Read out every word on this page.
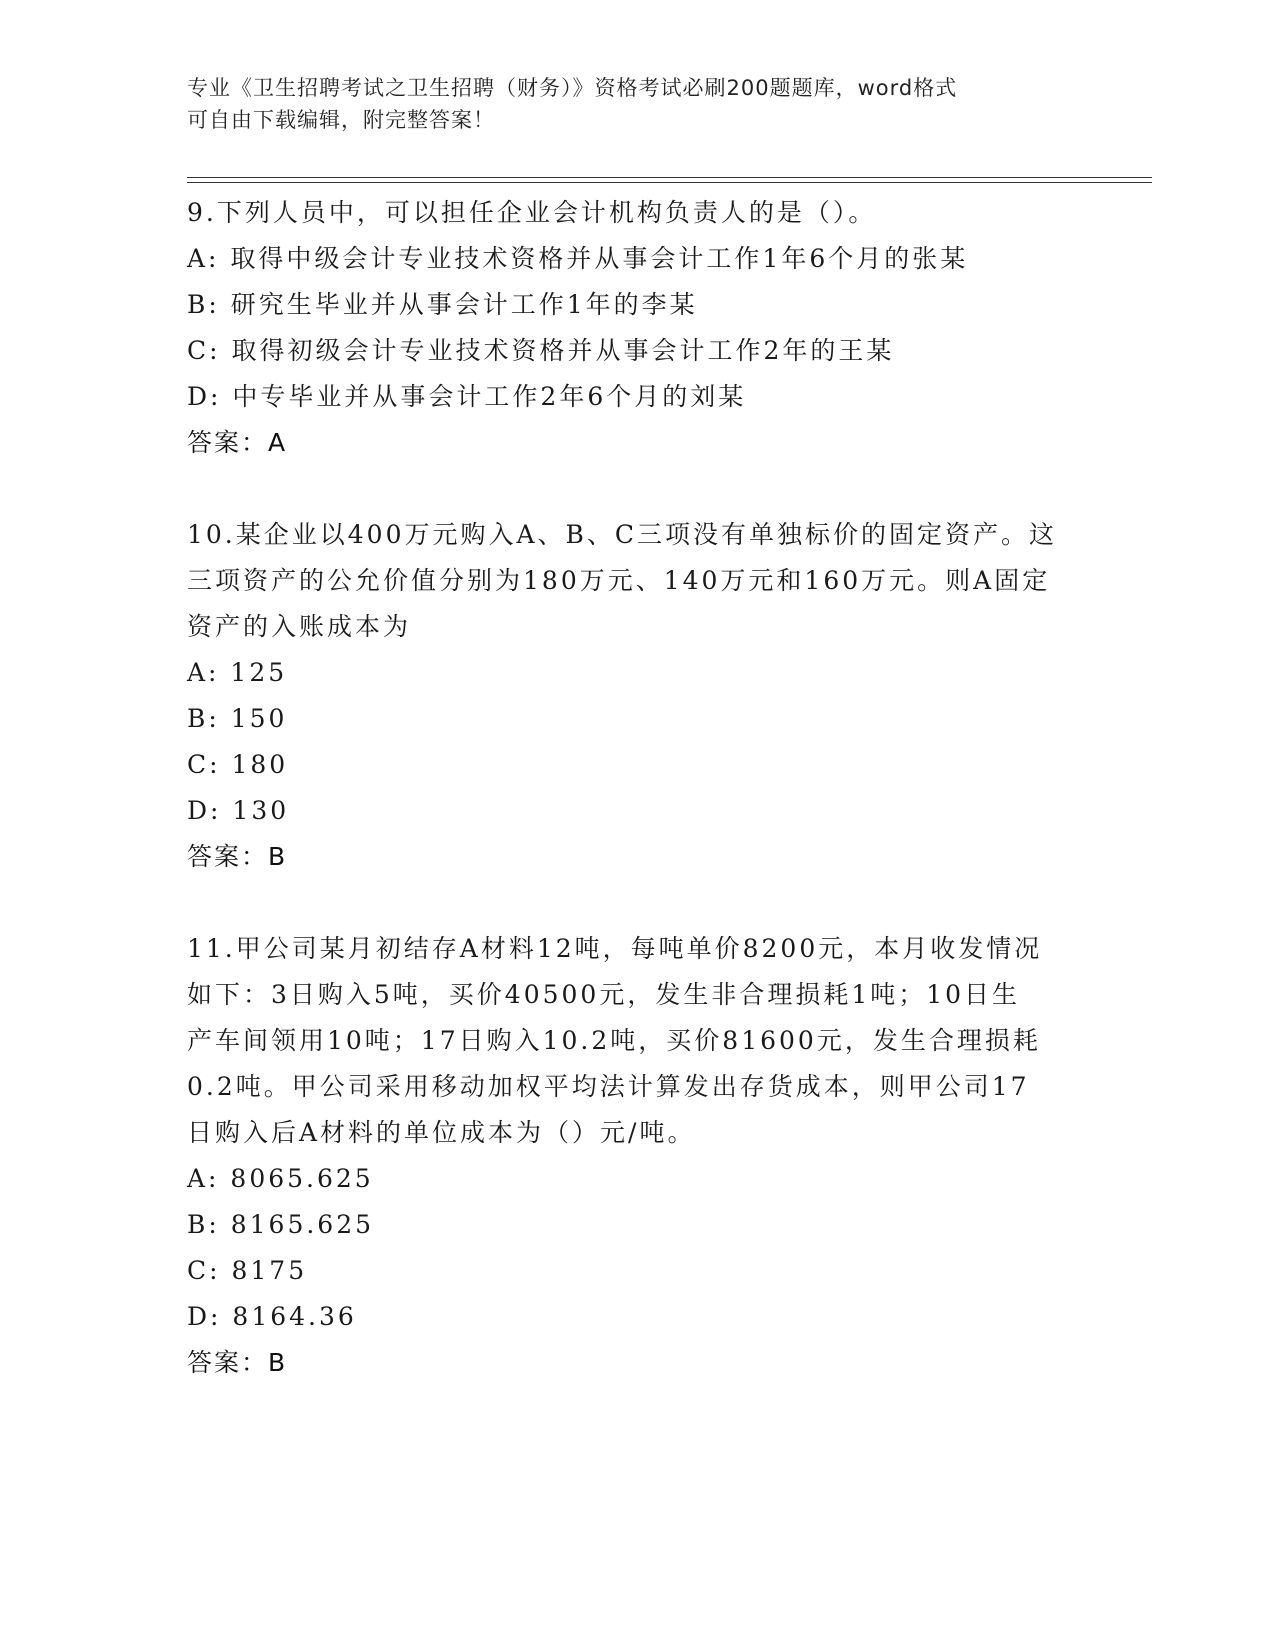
专业《卫生招聘考试之卫生招聘（财务）》资格考试必刷200题题库，word格式
可自由下载编辑，附完整答案！
9.下列人员中，可以担任企业会计机构负责人的是（）。
A: 取得中级会计专业技术资格并从事会计工作1年6个月的张某
B: 研究生毕业并从事会计工作1年的李某
C: 取得初级会计专业技术资格并从事会计工作2年的王某
D: 中专毕业并从事会计工作2年6个月的刘某
答案：A
10.某企业以400万元购入A、B、C三项没有单独标价的固定资产。这
三项资产的公允价值分别为180万元、140万元和160万元。则A固定
资产的入账成本为
A: 125
B: 150
C: 180
D: 130
答案：B
11.甲公司某月初结存A材料12吨，每吨单价8200元，本月收发情况
如下：3日购入5吨，买价40500元，发生非合理损耗1吨；10日生
产车间领用10吨；17日购入10.2吨，买价81600元，发生合理损耗
0.2吨。甲公司采用移动加权平均法计算发出存货成本，则甲公司17
日购入后A材料的单位成本为（）元/吨。
A: 8065.625
B: 8165.625
C: 8175
D: 8164.36
答案：B
